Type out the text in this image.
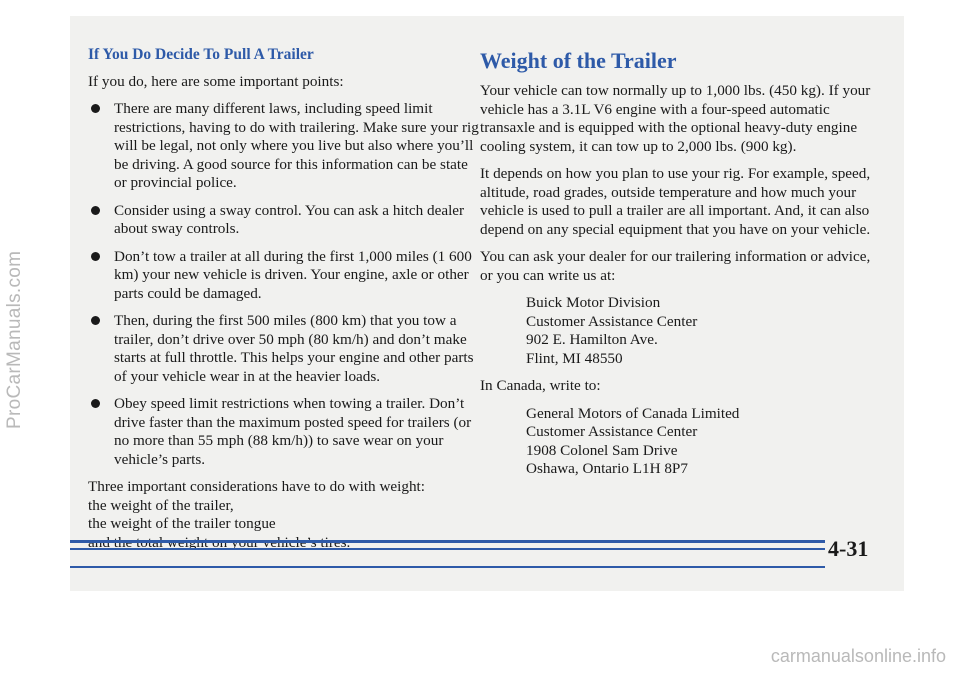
ProCarManuals.com
carmanualsonline.info
If You Do Decide To Pull A Trailer

If you do, here are some important points:

There are many different laws, including speed limit restrictions, having to do with trailering. Make sure your rig will be legal, not only where you live but also where you’ll be driving. A good source for this information can be state or provincial police.
Consider using a sway control. You can ask a hitch dealer about sway controls.
Don’t tow a trailer at all during the first 1,000 miles (1 600 km) your new vehicle is driven. Your engine, axle or other parts could be damaged.
Then, during the first 500 miles (800 km) that you tow a trailer, don’t drive over 50 mph (80 km/h) and don’t make starts at full throttle. This helps your engine and other parts of your vehicle wear in at the heavier loads.
Obey speed limit restrictions when towing a trailer. Don’t drive faster than the maximum posted speed for trailers (or no more than 55 mph (88 km/h)) to save wear on your vehicle’s parts.
Three important considerations have to do with weight:
the weight of the trailer,
the weight of the trailer tongue
Weight of the Trailer

Your vehicle can tow normally up to 1,000 lbs. (450 kg). If your vehicle has a 3.1L V6 engine with a four-speed automatic transaxle and is equipped with the optional heavy-duty engine cooling system, it can tow up to 2,000 lbs. (900 kg).

It depends on how you plan to use your rig. For example, speed, altitude, road grades, outside temperature and how much your vehicle is used to pull a trailer are all important. And, it can also depend on any special equipment that you have on your vehicle.

You can ask your dealer for our trailering information or advice, or you can write us at:

Buick Motor Division
Customer Assistance Center
902 E. Hamilton Ave.
Flint, MI 48550

In Canada, write to:

General Motors of Canada Limited
Customer Assistance Center
1908 Colonel Sam Drive
Oshawa, Ontario L1H 8P7
4-31
